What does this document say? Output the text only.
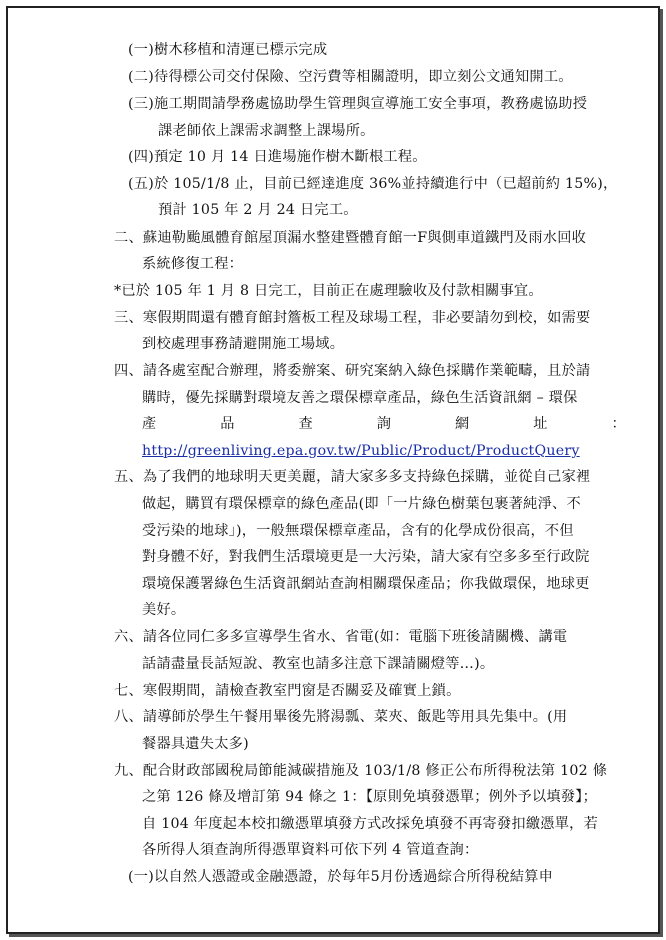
(一)樹木移植和清運已標示完成
(二)待得標公司交付保險、空污費等相關證明，即立刻公文通知開工。
(三)施工期間請學務處協助學生管理與宣導施工安全事項，教務處協助授
課老師依上課需求調整上課場所。
(四)預定 10 月 14 日進場施作樹木斷根工程。
(五)於 105/1/8 止，目前已經達進度 36%並持續進行中（已超前約 15%)，
預計 105 年 2 月 24 日完工。
二、蘇迪勒颱風體育館屋頂漏水整建暨體育館一F與側車道鐵門及雨水回收
系統修復工程：
*已於 105 年 1 月 8 日完工，目前正在處理驗收及付款相關事宜。
三、寒假期間還有體育館封簷板工程及球場工程，非必要請勿到校，如需要
到校處理事務請避開施工場域。
四、請各處室配合辦理，將委辦案、研究案納入綠色採購作業範疇，且於請
購時，優先採購對環境友善之環保標章產品，綠色生活資訊網 – 環保
產	品	查	詢	網	址	：
http://greenliving.epa.gov.tw/Public/Product/ProductQuery
五、為了我們的地球明天更美麗，請大家多多支持綠色採購，並從自己家裡
做起，購買有環保標章的綠色產品(即「一片綠色樹葉包裹著純淨、不
受污染的地球」)，一般無環保標章產品，含有的化學成份很高，不但
對身體不好，對我們生活環境更是一大污染，請大家有空多多至行政院
環境保護署綠色生活資訊網站查詢相關環保產品；你我做環保，地球更
美好。
六、請各位同仁多多宣導學生省水、省電(如：電腦下班後請關機、講電
話請盡量長話短說、教室也請多注意下課請關燈等…)。
七、寒假期間，請檢查教室門窗是否關妥及確實上鎖。
八、請導師於學生午餐用畢後先將湯瓢、菜夾、飯匙等用具先集中。(用
餐器具遺失太多)
九、配合財政部國稅局節能減碳措施及 103/1/8 修正公布所得稅法第 102 條
之第 126 條及增訂第 94 條之 1：【原則免填發憑單；例外予以填發】；
自 104 年度起本校扣繳憑單填發方式改採免填發不再寄發扣繳憑單，若
各所得人須查詢所得憑單資料可依下列 4 管道查詢：
(一)以自然人憑證或金融憑證，於每年5月份透過綜合所得稅結算申
